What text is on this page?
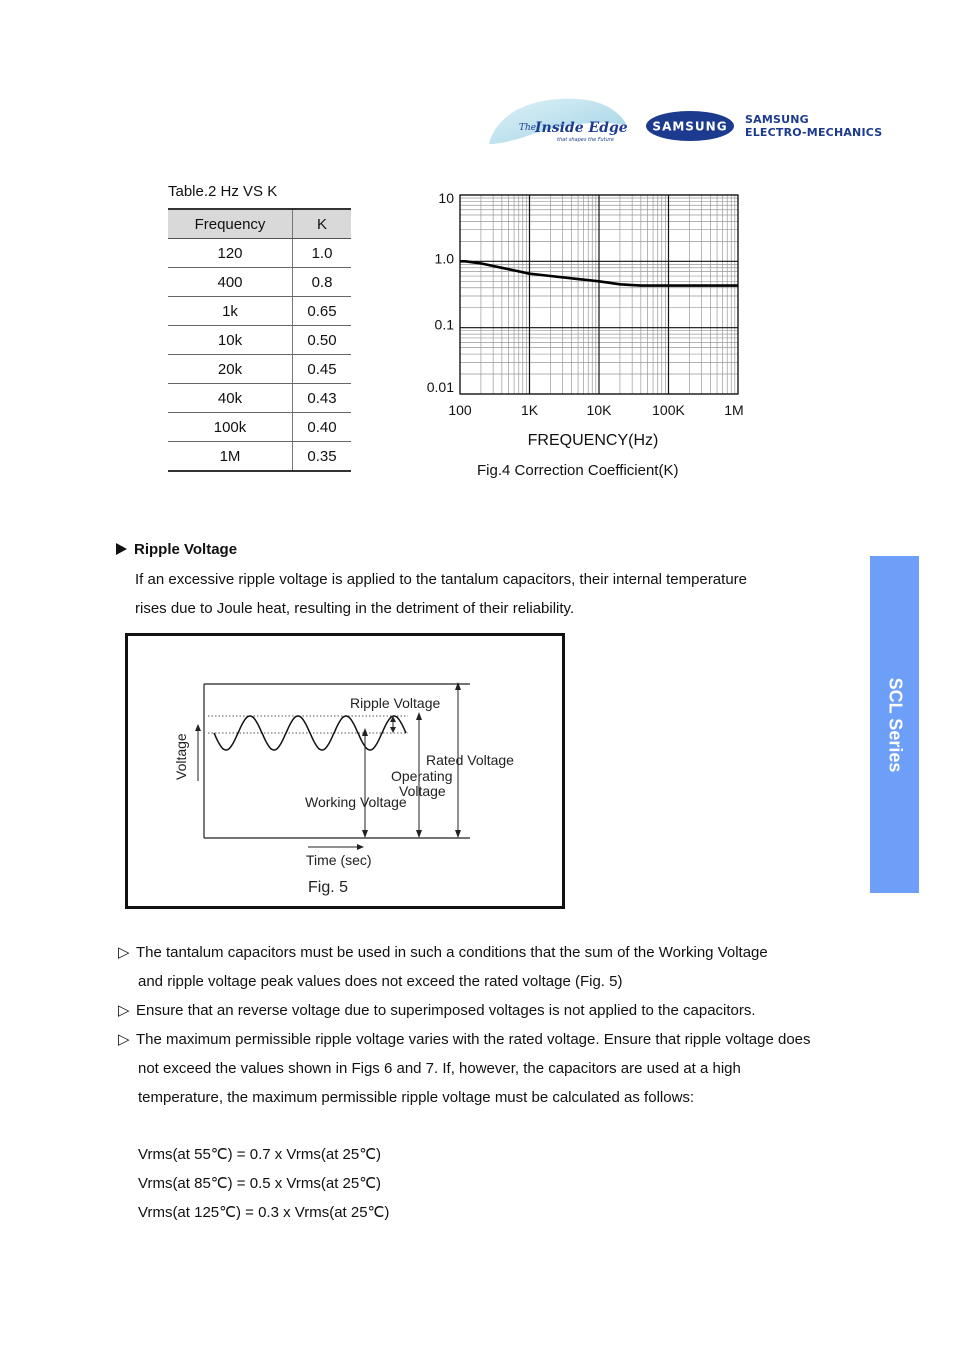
The
Inside Edge
that shapes the Future
SAMSUNG SAMSUNG
ELECTRO-MECHANICS
Table.2 Hz VS K
Frequency	K
120	1.0
400	0.8
1k	0.65
10k	0.50
20k	0.45
40k	0.43
100k	0.40
1M	0.35
10
1.0
0.1
0.01
100	1K	10K	100K	1M
FREQUENCY(Hz)
Fig.4 Correction Coefficient(K)
Ripple Voltage
If an excessive ripple voltage is applied to the tantalum capacitors, their internal temperature
rises due to Joule heat, resulting in the detriment of their reliability.
Ripple Voltage
Rated Voltage
Operating
Voltage
Working Voltage
Voltage
Time (sec)
Fig. 5
SCL Series
▷ The tantalum capacitors must be used in such a conditions that the sum of the Working Voltage
and ripple voltage peak values does not exceed the rated voltage (Fig. 5)
▷ Ensure that an reverse voltage due to superimposed voltages is not applied to the capacitors.
▷ The maximum permissible ripple voltage varies with the rated voltage. Ensure that ripple voltage does
not exceed the values shown in Figs 6 and 7. If, however, the capacitors are used at a high
temperature, the maximum permissible ripple voltage must be calculated as follows:
Vrms(at 55℃) = 0.7 x Vrms(at 25℃)
Vrms(at 85℃) = 0.5 x Vrms(at 25℃)
Vrms(at 125℃) = 0.3 x Vrms(at 25℃)
